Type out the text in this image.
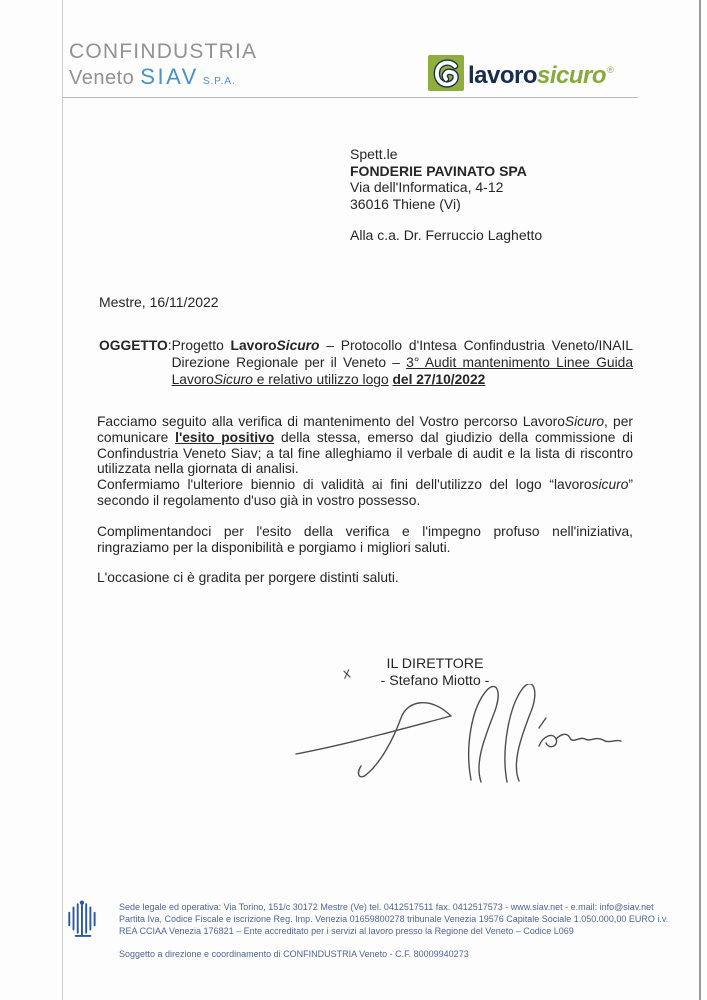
CONFINDUSTRIA
Veneto SIAV S.P.A.	lavorosicuro®
Spett.le
FONDERIE PAVINATO SPA
Via dell'Informatica, 4-12
36016 Thiene (Vi)
Alla c.a. Dr. Ferruccio Laghetto
Mestre, 16/11/2022
OGGETTO: Progetto LavoroSicuro – Protocollo d'Intesa Confindustria Veneto/INAIL Direzione Regionale per il Veneto – 3° Audit mantenimento Linee Guida LavoroSicuro e relativo utilizzo logo del 27/10/2022

Facciamo seguito alla verifica di mantenimento del Vostro percorso LavoroSicuro, per comunicare l'esito positivo della stessa, emerso dal giudizio della commissione di Confindustria Veneto Siav; a tal fine alleghiamo il verbale di audit e la lista di riscontro utilizzata nella giornata di analisi.

Confermiamo l'ulteriore biennio di validità ai fini dell'utilizzo del logo “lavorosicuro” secondo il regolamento d'uso già in vostro possesso.

Complimentandoci per l'esito della verifica e l'impegno profuso nell'iniziativa, ringraziamo per la disponibilità e porgiamo i migliori saluti.

L'occasione ci è gradita per porgere distinti saluti.

IL DIRETTORE
- Stefano Miotto -
x
Sede legale ed operativa: Via Torino, 151/c 30172 Mestre (Ve) tel. 0412517511 fax. 0412517573 - www.siav.net - e.mail: info@siav.net
Partita Iva, Codice Fiscale e iscrizione Reg. Imp. Venezia 01659800278 tribunale Venezia 19576 Capitale Sociale 1.050.000,00 EURO i.v.
REA CCIAA Venezia 176821 – Ente accreditato per i servizi al lavoro presso la Regione del Veneto – Codice L069
Soggetto a direzione e coordinamento di CONFINDUSTRIA Veneto - C.F. 80009940273
